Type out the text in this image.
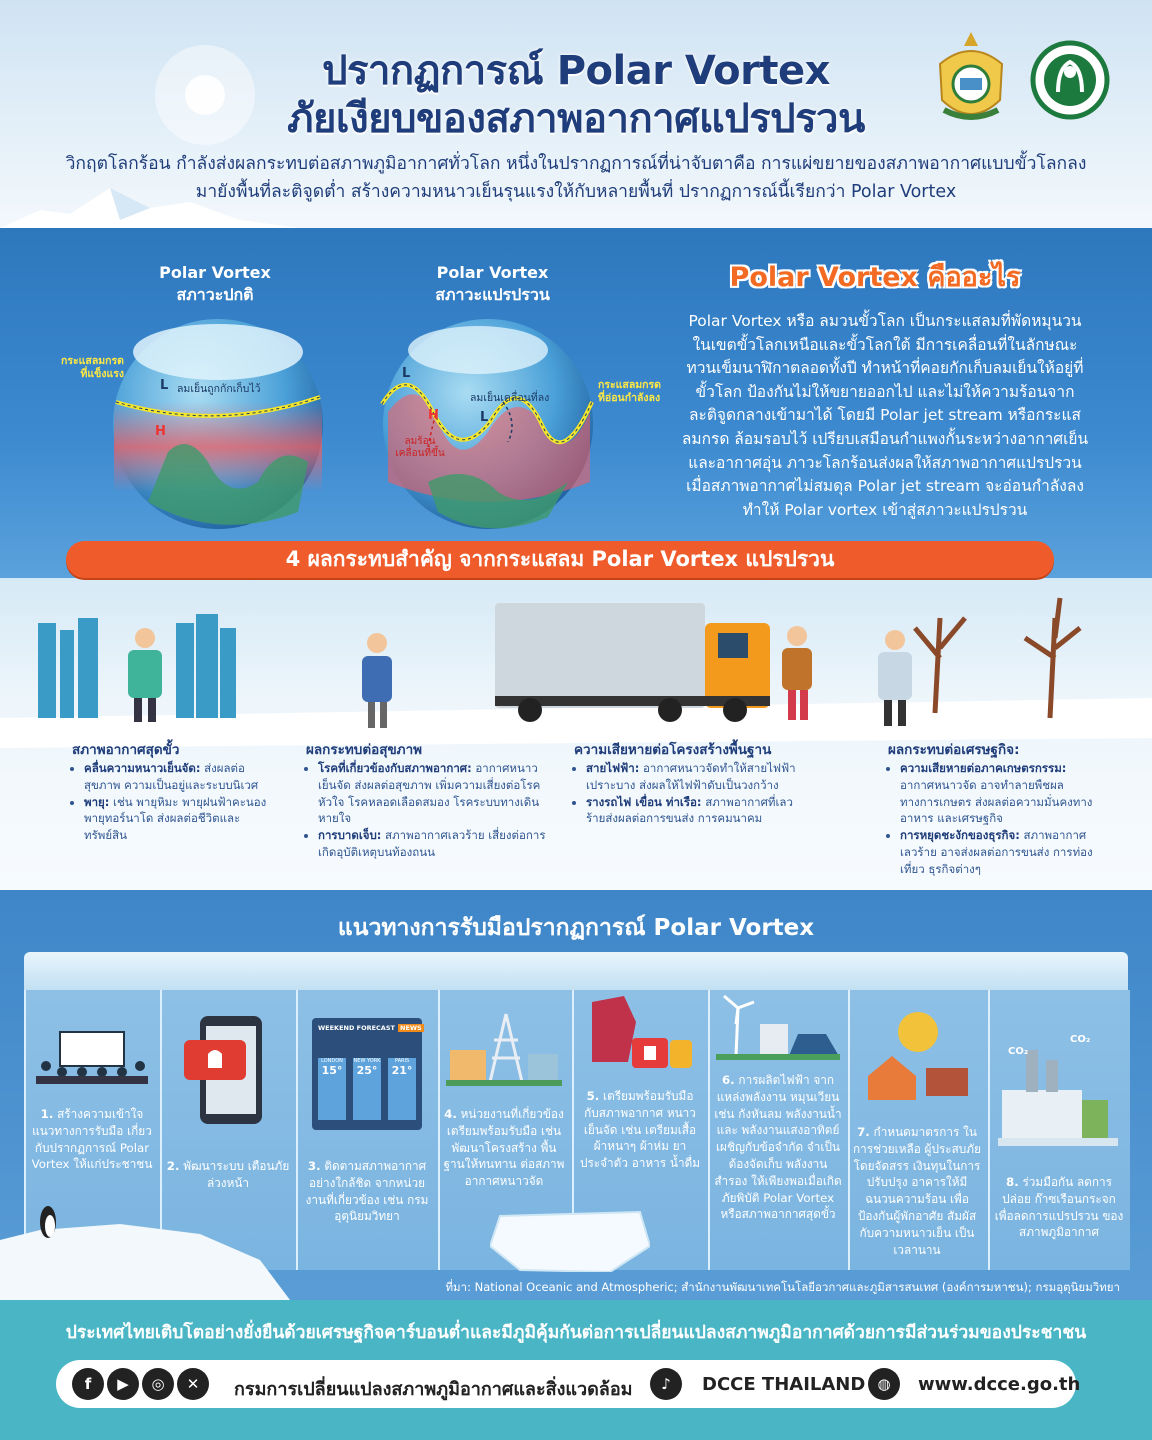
ปรากฏการณ์ Polar Vortex
ภัยเงียบของสภาพอากาศแปรปรวน
วิกฤตโลกร้อน กำลังส่งผลกระทบต่อสภาพภูมิอากาศทั่วโลก หนึ่งในปรากฏการณ์ที่น่าจับตาคือ การแผ่ขยายของสภาพอากาศแบบขั้วโลกลงมายังพื้นที่ละติจูดต่ำ สร้างความหนาวเย็นรุนแรงให้กับหลายพื้นที่ ปรากฏการณ์นี้เรียกว่า Polar Vortex
Polar Vortex
สภาวะปกติ
Polar Vortex
สภาวะแปรปรวน
กระแสลมกรด ที่แข็งแรง
L ลมเย็นถูกกักเก็บไว้
H
กระแสลมกรด ที่อ่อนกำลังลง
L
L
ลมเย็นเคลื่อนที่ลง
H
ลมร้อน เคลื่อนที่ขึ้น
Polar Vortex คืออะไร
Polar Vortex หรือ ลมวนขั้วโลก เป็นกระแสลมที่พัดหมุนวนในเขตขั้วโลกเหนือและขั้วโลกใต้ มีการเคลื่อนที่ในลักษณะทวนเข็มนาฬิกาตลอดทั้งปี ทำหน้าที่คอยกักเก็บลมเย็นให้อยู่ที่ขั้วโลก ป้องกันไม่ให้ขยายออกไป และไม่ให้ความร้อนจากละติจูดกลางเข้ามาได้ โดยมี Polar jet stream หรือกระแสลมกรด ล้อมรอบไว้ เปรียบเสมือนกำแพงกั้นระหว่างอากาศเย็นและอากาศอุ่น ภาวะโลกร้อนส่งผลให้สภาพอากาศแปรปรวน เมื่อสภาพอากาศไม่สมดุล Polar jet stream จะอ่อนกำลังลง ทำให้ Polar vortex เข้าสู่สภาวะแปรปรวน
4 ผลกระทบสำคัญ จากกระแสลม Polar Vortex แปรปรวน
สภาพอากาศสุดขั้ว
• คลื่นความหนาวเย็นจัด: ส่งผลต่อสุขภาพ ความเป็นอยู่และระบบนิเวศ
• พายุ: เช่น พายุหิมะ พายุฝนฟ้าคะนอง พายุทอร์นาโด ส่งผลต่อชีวิตและทรัพย์สิน
ผลกระทบต่อสุขภาพ
• โรคที่เกี่ยวข้องกับสภาพอากาศ: อากาศหนาวเย็นจัด ส่งผลต่อสุขภาพ เพิ่มความเสี่ยงต่อโรคหัวใจ โรคหลอดเลือดสมอง โรคระบบทางเดินหายใจ
• การบาดเจ็บ: สภาพอากาศเลวร้าย เสี่ยงต่อการเกิดอุบัติเหตุบนท้องถนน
ความเสียหายต่อโครงสร้างพื้นฐาน
• สายไฟฟ้า: อากาศหนาวจัดทำให้สายไฟฟ้าเปราะบาง ส่งผลให้ไฟฟ้าดับเป็นวงกว้าง
• รางรถไฟ เขื่อน ท่าเรือ: สภาพอากาศที่เลวร้ายส่งผลต่อการขนส่ง การคมนาคม
ผลกระทบต่อเศรษฐกิจ:
• ความเสียหายต่อภาคเกษตรกรรม: อากาศหนาวจัด อาจทำลายพืชผลทางการเกษตร ส่งผลต่อความมั่นคงทางอาหาร และเศรษฐกิจ
• การหยุดชะงักของธุรกิจ: สภาพอากาศเลวร้าย อาจส่งผลต่อการขนส่ง การท่องเที่ยว ธุรกิจต่างๆ
แนวทางการรับมือปรากฏการณ์ Polar Vortex
WEEKEND FORECAST NEWS
LONDON
15°
NEW YORK
25°
PARIS
21°
CO₂
CO₂
1. สร้างความเข้าใจ แนวทางการรับมือ เกี่ยวกับปรากฏการณ์ Polar Vortex ให้แก่ประชาชน 2. พัฒนาระบบ เตือนภัยล่วงหน้า
3. ติดตามสภาพอากาศ อย่างใกล้ชิด จากหน่วยงานที่เกี่ยวข้อง เช่น กรมอุตุนิยมวิทยา
4. หน่วยงานที่เกี่ยวข้อง เตรียมพร้อมรับมือ เช่น พัฒนาโครงสร้าง พื้นฐานให้ทนทาน ต่อสภาพอากาศหนาวจัด
5. เตรียมพร้อมรับมือ กับสภาพอากาศ หนาวเย็นจัด เช่น เตรียมเสื้อผ้าหนาๆ ผ้าห่ม ยาประจำตัว อาหาร น้ำดื่ม
6. การผลิตไฟฟ้า จากแหล่งพลังงาน หมุนเวียน เช่น กังหันลม พลังงานน้ำ และ พลังงานแสงอาทิตย์ เผชิญกับข้อจำกัด จำเป็นต้องจัดเก็บ พลังงานสำรอง ให้เพียงพอเมื่อเกิด ภัยพิบัติ Polar Vortex หรือสภาพอากาศสุดขั้ว
7. กำหนดมาตรการ ในการช่วยเหลือ ผู้ประสบภัย โดยจัดสรร เงินทุนในการปรับปรุง อาคารให้มีฉนวนความร้อน เพื่อป้องกันผู้พักอาศัย สัมผัสกับความหนาวเย็น เป็นเวลานาน
8. ร่วมมือกัน ลดการปล่อย ก๊าซเรือนกระจก เพื่อลดการแปรปรวน ของสภาพภูมิอากาศ
ที่มา: National Oceanic and Atmospheric; สำนักงานพัฒนาเทคโนโลยีอวกาศและภูมิสารสนเทศ (องค์การมหาชน); กรมอุตุนิยมวิทยา
ประเทศไทยเติบโตอย่างยั่งยืนด้วยเศรษฐกิจคาร์บอนต่ำและมีภูมิคุ้มกันต่อการเปลี่ยนแปลงสภาพภูมิอากาศด้วยการมีส่วนร่วมของประชาชน
f	▶	◎	✕	กรมการเปลี่ยนแปลงสภาพภูมิอากาศและสิ่งแวดล้อม	♪	DCCE THAILAND ◍	www.dcce.go.th
